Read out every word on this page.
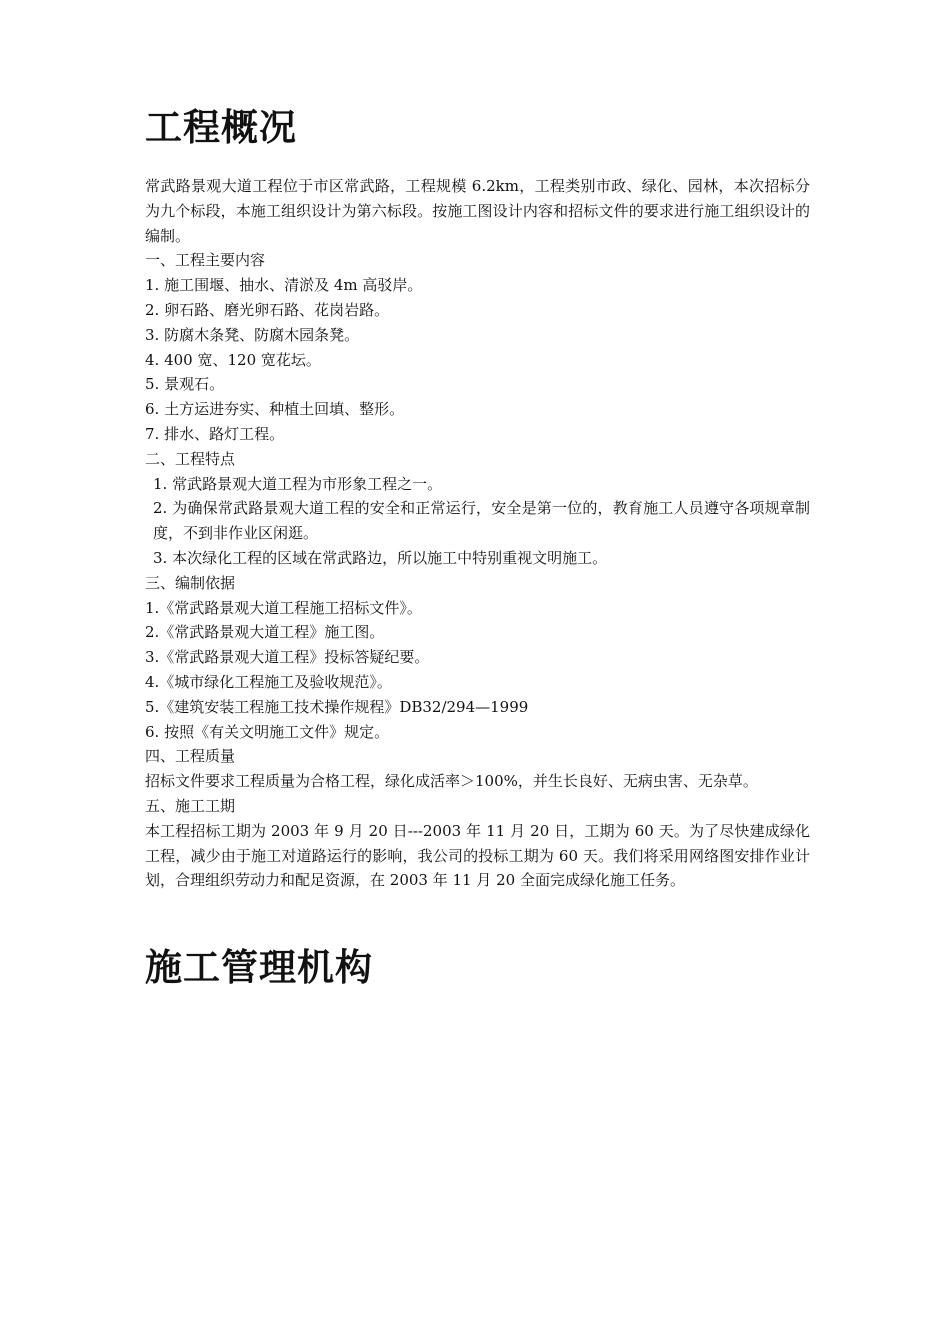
工程概况

常武路景观大道工程位于市区常武路，工程规模 6.2km，工程类别市政、绿化、园林，本次招标分为九个标段，本施工组织设计为第六标段。按施工图设计内容和招标文件的要求进行施工组织设计的编制。

一、工程主要内容

1. 施工围堰、抽水、清淤及 4m 高驳岸。

2. 卵石路、磨光卵石路、花岗岩路。

3. 防腐木条凳、防腐木园条凳。

4. 400 宽、120 宽花坛。

5. 景观石。

6. 土方运进夯实、种植土回填、整形。

7. 排水、路灯工程。

二、工程特点

1. 常武路景观大道工程为市形象工程之一。

2. 为确保常武路景观大道工程的安全和正常运行，安全是第一位的，教育施工人员遵守各项规章制度，不到非作业区闲逛。

3. 本次绿化工程的区域在常武路边，所以施工中特别重视文明施工。

三、编制依据

1.《常武路景观大道工程施工招标文件》。

2.《常武路景观大道工程》施工图。

3.《常武路景观大道工程》投标答疑纪要。

4.《城市绿化工程施工及验收规范》。

5.《建筑安装工程施工技术操作规程》DB32/294—1999

6. 按照《有关文明施工文件》规定。

四、工程质量

招标文件要求工程质量为合格工程，绿化成活率＞100%，并生长良好、无病虫害、无杂草。

五、施工工期

本工程招标工期为 2003 年 9 月 20 日---2003 年 11 月 20 日，工期为 60 天。为了尽快建成绿化工程，减少由于施工对道路运行的影响，我公司的投标工期为 60 天。我们将采用网络图安排作业计划，合理组织劳动力和配足资源，在 2003 年 11 月 20 全面完成绿化施工任务。

施工管理机构
